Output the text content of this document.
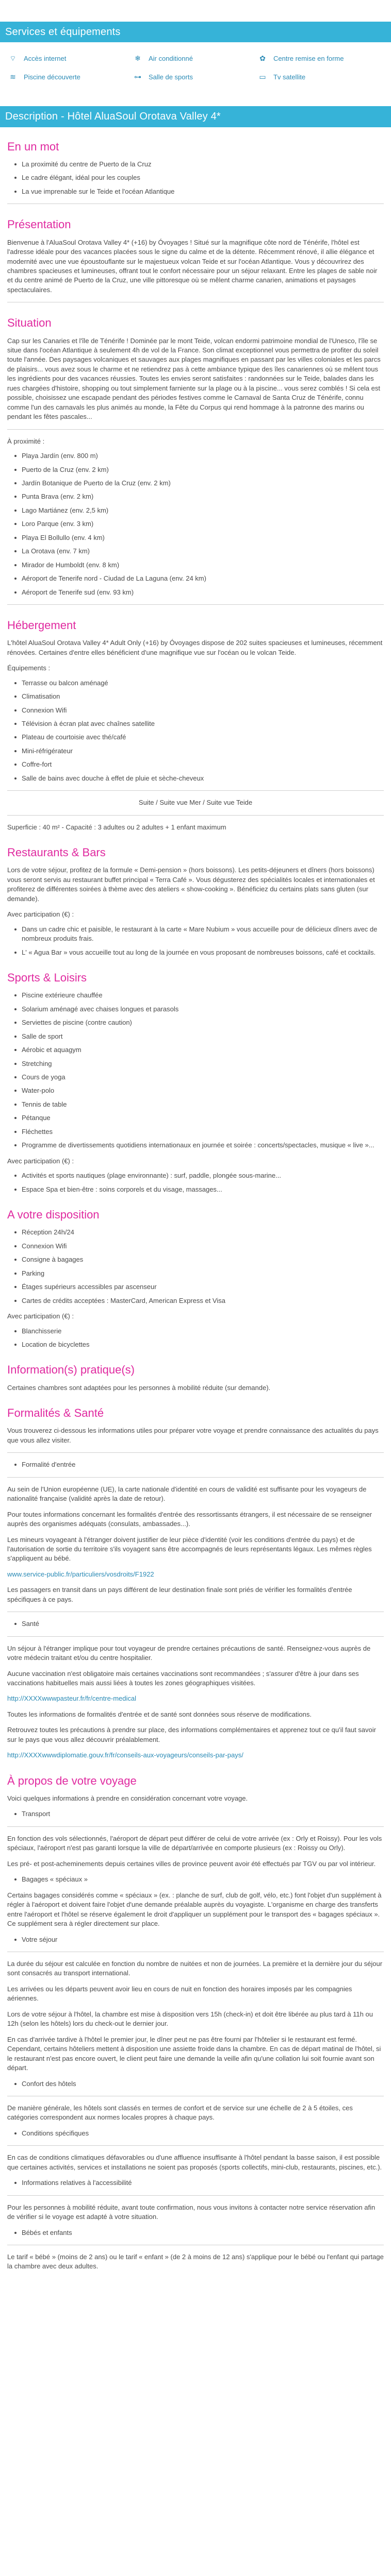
Services et équipements
⌔ Accès internet	❄ Air conditionné	✿ Centre remise en forme
≋ Piscine découverte	⊶ Salle de sports	▭ Tv satellite
Description - Hôtel AluaSoul Orotava Valley 4*
En un mot
La proximité du centre de Puerto de la Cruz
Le cadre élégant, idéal pour les couples
La vue imprenable sur le Teide et l'océan Atlantique
Présentation

Bienvenue à l'AluaSoul Orotava Valley 4* (+16) by Óvoyages ! Situé sur la magnifique côte nord de Ténérife, l'hôtel est l'adresse idéale pour des vacances placées sous le signe du calme et de la détente. Récemment rénové, il allie élégance et modernité avec une vue époustouflante sur le majestueux volcan Teide et sur l'océan Atlantique. Vous y découvrirez des chambres spacieuses et lumineuses, offrant tout le confort nécessaire pour un séjour relaxant. Entre les plages de sable noir et du centre animé de Puerto de la Cruz, une ville pittoresque où se mêlent charme canarien, animations et paysages spectaculaires.

Situation

Cap sur les Canaries et l'île de Ténérife ! Dominée par le mont Teide, volcan endormi patrimoine mondial de l'Unesco, l'île se situe dans l'océan Atlantique à seulement 4h de vol de la France. Son climat exceptionnel vous permettra de profiter du soleil toute l'année. Des paysages volcaniques et sauvages aux plages magnifiques en passant par les villes coloniales et les parcs de plaisirs... vous avez sous le charme et ne retiendrez pas à cette ambiance typique des îles canariennes où se mêlent tous les ingrédients pour des vacances réussies. Toutes les envies seront satisfaites : randonnées sur le Teide, balades dans les rues chargées d'histoire, shopping ou tout simplement farniente sur la plage ou à la piscine... vous serez comblés ! Si cela est possible, choisissez une escapade pendant des périodes festives comme le Carnaval de Santa Cruz de Ténérife, connu comme l'un des carnavals les plus animés au monde, la Fête du Corpus qui rend hommage à la patronne des marins ou pendant les fêtes pascales...

À proximité :

Playa Jardín (env. 800 m)
Puerto de la Cruz (env. 2 km)
Jardín Botanique de Puerto de la Cruz (env. 2 km)
Punta Brava (env. 2 km)
Lago Martiánez (env. 2,5 km)
Loro Parque (env. 3 km)
Playa El Bollullo (env. 4 km)
La Orotava (env. 7 km)
Mirador de Humboldt (env. 8 km)
Aéroport de Tenerife nord - Ciudad de La Laguna (env. 24 km)
Aéroport de Tenerife sud (env. 93 km)
Hébergement

L'hôtel AluaSoul Orotava Valley 4* Adult Only (+16) by Óvoyages dispose de 202 suites spacieuses et lumineuses, récemment rénovées. Certaines d'entre elles bénéficient d'une magnifique vue sur l'océan ou le volcan Teide.

Équipements :

Terrasse ou balcon aménagé
Climatisation
Connexion Wifi
Télévision à écran plat avec chaînes satellite
Plateau de courtoisie avec thé/café
Mini-réfrigérateur
Coffre-fort
Salle de bains avec douche à effet de pluie et sèche-cheveux

Suite / Suite vue Mer / Suite vue Teide

Superficie : 40 m² - Capacité : 3 adultes ou 2 adultes + 1 enfant maximum

Restaurants & Bars

Lors de votre séjour, profitez de la formule « Demi-pension » (hors boissons). Les petits-déjeuners et dîners (hors boissons) vous seront servis au restaurant buffet principal « Terra Café ». Vous dégusterez des spécialités locales et internationales et profiterez de différentes soirées à thème avec des ateliers « show-cooking ». Bénéficiez du certains plats sans gluten (sur demande).

Avec participation (€) :

Dans un cadre chic et paisible, le restaurant à la carte « Mare Nubium » vous accueille pour de délicieux dîners avec de nombreux produits frais.
L' « Agua Bar » vous accueille tout au long de la journée en vous proposant de nombreuses boissons, café et cocktails.
Sports & Loisirs
Piscine extérieure chauffée
Solarium aménagé avec chaises longues et parasols
Serviettes de piscine (contre caution)
Salle de sport
Aérobic et aquagym
Stretching
Cours de yoga
Water-polo
Tennis de table
Pétanque
Fléchettes
Programme de divertissements quotidiens internationaux en journée et soirée : concerts/spectacles, musique « live »...

Avec participation (€) :

Activités et sports nautiques (plage environnante) : surf, paddle, plongée sous-marine...
Espace Spa et bien-être : soins corporels et du visage, massages...
A votre disposition
Réception 24h/24
Connexion Wifi
Consigne à bagages
Parking
Étages supérieurs accessibles par ascenseur
Cartes de crédits acceptées : MasterCard, American Express et Visa

Avec participation (€) :

Blanchisserie
Location de bicyclettes
Information(s) pratique(s)

Certaines chambres sont adaptées pour les personnes à mobilité réduite (sur demande).

Formalités & Santé

Vous trouverez ci-dessous les informations utiles pour préparer votre voyage et prendre connaissance des actualités du pays que vous allez visiter.

Formalité d'entrée

Au sein de l'Union européenne (UE), la carte nationale d'identité en cours de validité est suffisante pour les voyageurs de nationalité française (validité après la date de retour).

Pour toutes informations concernant les formalités d'entrée des ressortissants étrangers, il est nécessaire de se renseigner auprès des organismes adéquats (consulats, ambassades...).

Les mineurs voyageant à l'étranger doivent justifier de leur pièce d'identité (voir les conditions d'entrée du pays) et de l'autorisation de sortie du territoire s'ils voyagent sans être accompagnés de leurs représentants légaux. Les mêmes règles s'appliquent au bébé.

www.service-public.fr/particuliers/vosdroits/F1922

Les passagers en transit dans un pays différent de leur destination finale sont priés de vérifier les formalités d'entrée spécifiques à ce pays.

Santé

Un séjour à l'étranger implique pour tout voyageur de prendre certaines précautions de santé. Renseignez-vous auprès de votre médecin traitant et/ou du centre hospitalier.

Aucune vaccination n'est obligatoire mais certaines vaccinations sont recommandées ; s'assurer d'être à jour dans ses vaccinations habituelles mais aussi liées à toutes les zones géographiques visitées.

http://XXXXwwwpasteur.fr/fr/centre-medical

Toutes les informations de formalités d'entrée et de santé sont données sous réserve de modifications.

Retrouvez toutes les précautions à prendre sur place, des informations complémentaires et apprenez tout ce qu'il faut savoir sur le pays que vous allez découvrir préalablement.

http://XXXXwwwdiplomatie.gouv.fr/fr/conseils-aux-voyageurs/conseils-par-pays/

À propos de votre voyage

Voici quelques informations à prendre en considération concernant votre voyage.

Transport

En fonction des vols sélectionnés, l'aéroport de départ peut différer de celui de votre arrivée (ex : Orly et Roissy). Pour les vols spéciaux, l'aéroport n'est pas garanti lorsque la ville de départ/arrivée en comporte plusieurs (ex : Roissy ou Orly).

Les pré- et post-acheminements depuis certaines villes de province peuvent avoir été effectués par TGV ou par vol intérieur.

Bagages « spéciaux »

Certains bagages considérés comme « spéciaux » (ex. : planche de surf, club de golf, vélo, etc.) font l'objet d'un supplément à régler à l'aéroport et doivent faire l'objet d'une demande préalable auprès du voyagiste. L'organisme en charge des transferts entre l'aéroport et l'hôtel se réserve également le droit d'appliquer un supplément pour le transport des « bagages spéciaux ». Ce supplément sera à régler directement sur place.

Votre séjour

La durée du séjour est calculée en fonction du nombre de nuitées et non de journées. La première et la dernière jour du séjour sont consacrés au transport international.

Les arrivées ou les départs peuvent avoir lieu en cours de nuit en fonction des horaires imposés par les compagnies aériennes.

Lors de votre séjour à l'hôtel, la chambre est mise à disposition vers 15h (check-in) et doit être libérée au plus tard à 11h ou 12h (selon les hôtels) lors du check-out le dernier jour.

En cas d'arrivée tardive à l'hôtel le premier jour, le dîner peut ne pas être fourni par l'hôtelier si le restaurant est fermé. Cependant, certains hôteliers mettent à disposition une assiette froide dans la chambre. En cas de départ matinal de l'hôtel, si le restaurant n'est pas encore ouvert, le client peut faire une demande la veille afin qu'une collation lui soit fournie avant son départ.

Confort des hôtels

De manière générale, les hôtels sont classés en termes de confort et de service sur une échelle de 2 à 5 étoiles, ces catégories correspondent aux normes locales propres à chaque pays.

Conditions spécifiques

En cas de conditions climatiques défavorables ou d'une affluence insuffisante à l'hôtel pendant la basse saison, il est possible que certaines activités, services et installations ne soient pas proposés (sports collectifs, mini-club, restaurants, piscines, etc.).

Informations relatives à l'accessibilité

Pour les personnes à mobilité réduite, avant toute confirmation, nous vous invitons à contacter notre service réservation afin de vérifier si le voyage est adapté à votre situation.

Bébés et enfants

Le tarif « bébé » (moins de 2 ans) ou le tarif « enfant » (de 2 à moins de 12 ans) s'applique pour le bébé ou l'enfant qui partage la chambre avec deux adultes.
